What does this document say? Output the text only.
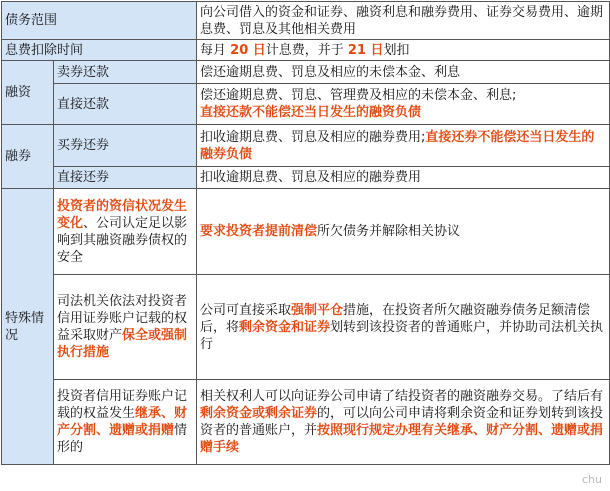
债务范围		向公司借入的资金和证券、融资利息和融券费用、证券交易费用、逾期息费、罚息及其他相关费用
息费扣除时间		每月 20 日计息费，并于 21 日划扣
融资	卖券还款	偿还逾期息费、罚息及相应的未偿本金、利息
	直接还款	偿还逾期息费、罚息、管理费及相应的未偿本金、利息;
直接还款不能偿还当日发生的融资负债
融券	买券还券	扣收逾期息费、罚息及相应的融券费用;直接还券不能偿还当日发生的融券负债
	直接还券	扣收逾期息费、罚息及相应的融券费用
特殊情况	投资者的资信状况发生变化、公司认定足以影响到其融资融券债权的安全	要求投资者提前清偿所欠债务并解除相关协议
	司法机关依法对投资者信用证券账户记载的权益采取财产保全或强制执行措施	公司可直接采取强制平仓措施，在投资者所欠融资融券债务足额清偿后，将剩余资金和证券划转到该投资者的普通账户，并协助司法机关执行
	投资者信用证券账户记载的权益发生继承、财产分割、遗赠或捐赠情形的	相关权利人可以向证券公司申请了结投资者的融资融券交易。了结后有剩余资金或剩余证券的，可以向公司申请将剩余资金和证券划转到该投资者的普通账户，并按照现行规定办理有关继承、财产分割、遗赠或捐赠手续
chu
